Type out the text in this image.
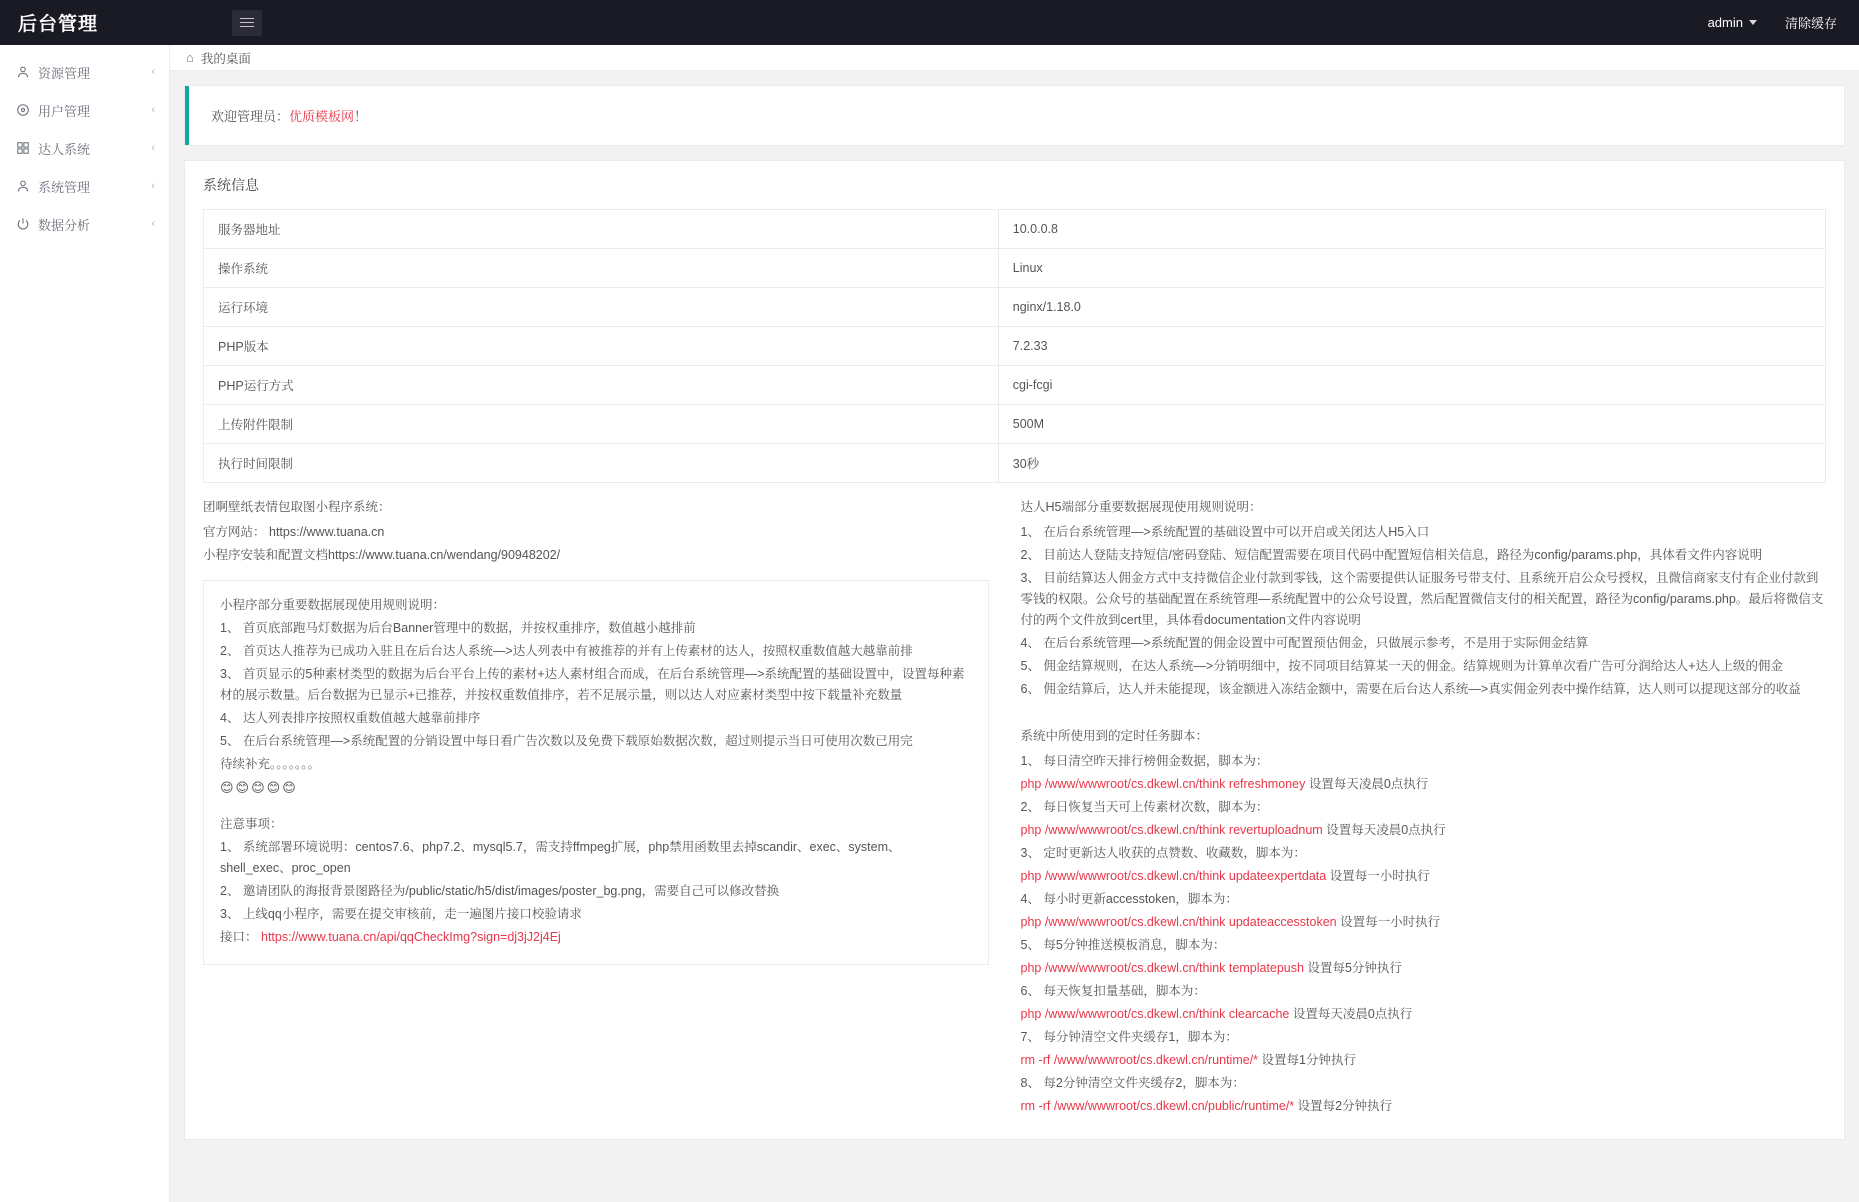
后台管理	admin	清除缓存
资源管理	‹
用户管理	‹
达人系统	‹
系统管理	‹
数据分析	‹
⌂ 我的桌面
欢迎管理员：优质模板网！
系统信息
服务器地址	10.0.0.8
操作系统	Linux
运行环境	nginx/1.18.0
PHP版本	7.2.33
PHP运行方式	cgi-fcgi
上传附件限制	500M
执行时间限制	30秒
团啊壁纸表情包取图小程序系统：
官方网站： https://www.tuana.cn
小程序安装和配置文档https://www.tuana.cn/wendang/90948202/
小程序部分重要数据展现使用规则说明：
1、 首页底部跑马灯数据为后台Banner管理中的数据，并按权重排序，数值越小越排前
2、 首页达人推荐为已成功入驻且在后台达人系统—>达人列表中有被推荐的并有上传素材的达人，按照权重数值越大越靠前排
3、 首页显示的5种素材类型的数据为后台平台上传的素材+达人素材组合而成，在后台系统管理—>系统配置的基础设置中，设置每种素材的展示数量。后台数据为已显示+已推荐，并按权重数值排序，若不足展示量，则以达人对应素材类型中按下载量补充数量
4、 达人列表排序按照权重数值越大越靠前排序
5、 在后台系统管理—>系统配置的分销设置中每日看广告次数以及免费下载原始数据次数，超过则提示当日可使用次数已用完
待续补充。。。。。。。
😊😊😊😊😊
注意事项：
1、 系统部署环境说明：centos7.6、php7.2、mysql5.7，需支持ffmpeg扩展，php禁用函数里去掉scandir、exec、system、shell_exec、proc_open
2、 邀请团队的海报背景图路径为/public/static/h5/dist/images/poster_bg.png，需要自己可以修改替换
3、 上线qq小程序，需要在提交审核前，走一遍图片接口校验请求
接口： https://www.tuana.cn/api/qqCheckImg?sign=dj3jJ2j4Ej
达人H5端部分重要数据展现使用规则说明：
1、 在后台系统管理—>系统配置的基础设置中可以开启或关闭达人H5入口
2、 目前达人登陆支持短信/密码登陆、短信配置需要在项目代码中配置短信相关信息，路径为config/params.php，具体看文件内容说明
3、 目前结算达人佣金方式中支持微信企业付款到零钱，这个需要提供认证服务号带支付、且系统开启公众号授权，且微信商家支付有企业付款到零钱的权限。公众号的基础配置在系统管理—系统配置中的公众号设置，然后配置微信支付的相关配置，路径为config/params.php。最后将微信支付的两个文件放到cert里，具体看documentation文件内容说明
4、 在后台系统管理—>系统配置的佣金设置中可配置预估佣金，只做展示参考，不是用于实际佣金结算
5、 佣金结算规则，在达人系统—>分销明细中，按不同项目结算某一天的佣金。结算规则为计算单次看广告可分润给达人+达人上级的佣金
6、 佣金结算后，达人并未能提现，该金额进入冻结金额中，需要在后台达人系统—>真实佣金列表中操作结算，达人则可以提现这部分的收益
系统中所使用到的定时任务脚本：
1、 每日清空昨天排行榜佣金数据，脚本为：
php /www/wwwroot/cs.dkewl.cn/think refreshmoney 设置每天凌晨0点执行
2、 每日恢复当天可上传素材次数，脚本为：
php /www/wwwroot/cs.dkewl.cn/think revertuploadnum 设置每天凌晨0点执行
3、 定时更新达人收获的点赞数、收藏数，脚本为：
php /www/wwwroot/cs.dkewl.cn/think updateexpertdata 设置每一小时执行
4、 每小时更新accesstoken，脚本为：
php /www/wwwroot/cs.dkewl.cn/think updateaccesstoken 设置每一小时执行
5、 每5分钟推送模板消息，脚本为：
php /www/wwwroot/cs.dkewl.cn/think templatepush 设置每5分钟执行
6、 每天恢复扣量基础，脚本为：
php /www/wwwroot/cs.dkewl.cn/think clearcache 设置每天凌晨0点执行
7、 每分钟清空文件夹缓存1，脚本为：
rm -rf /www/wwwroot/cs.dkewl.cn/runtime/* 设置每1分钟执行
8、 每2分钟清空文件夹缓存2，脚本为：
rm -rf /www/wwwroot/cs.dkewl.cn/public/runtime/* 设置每2分钟执行
